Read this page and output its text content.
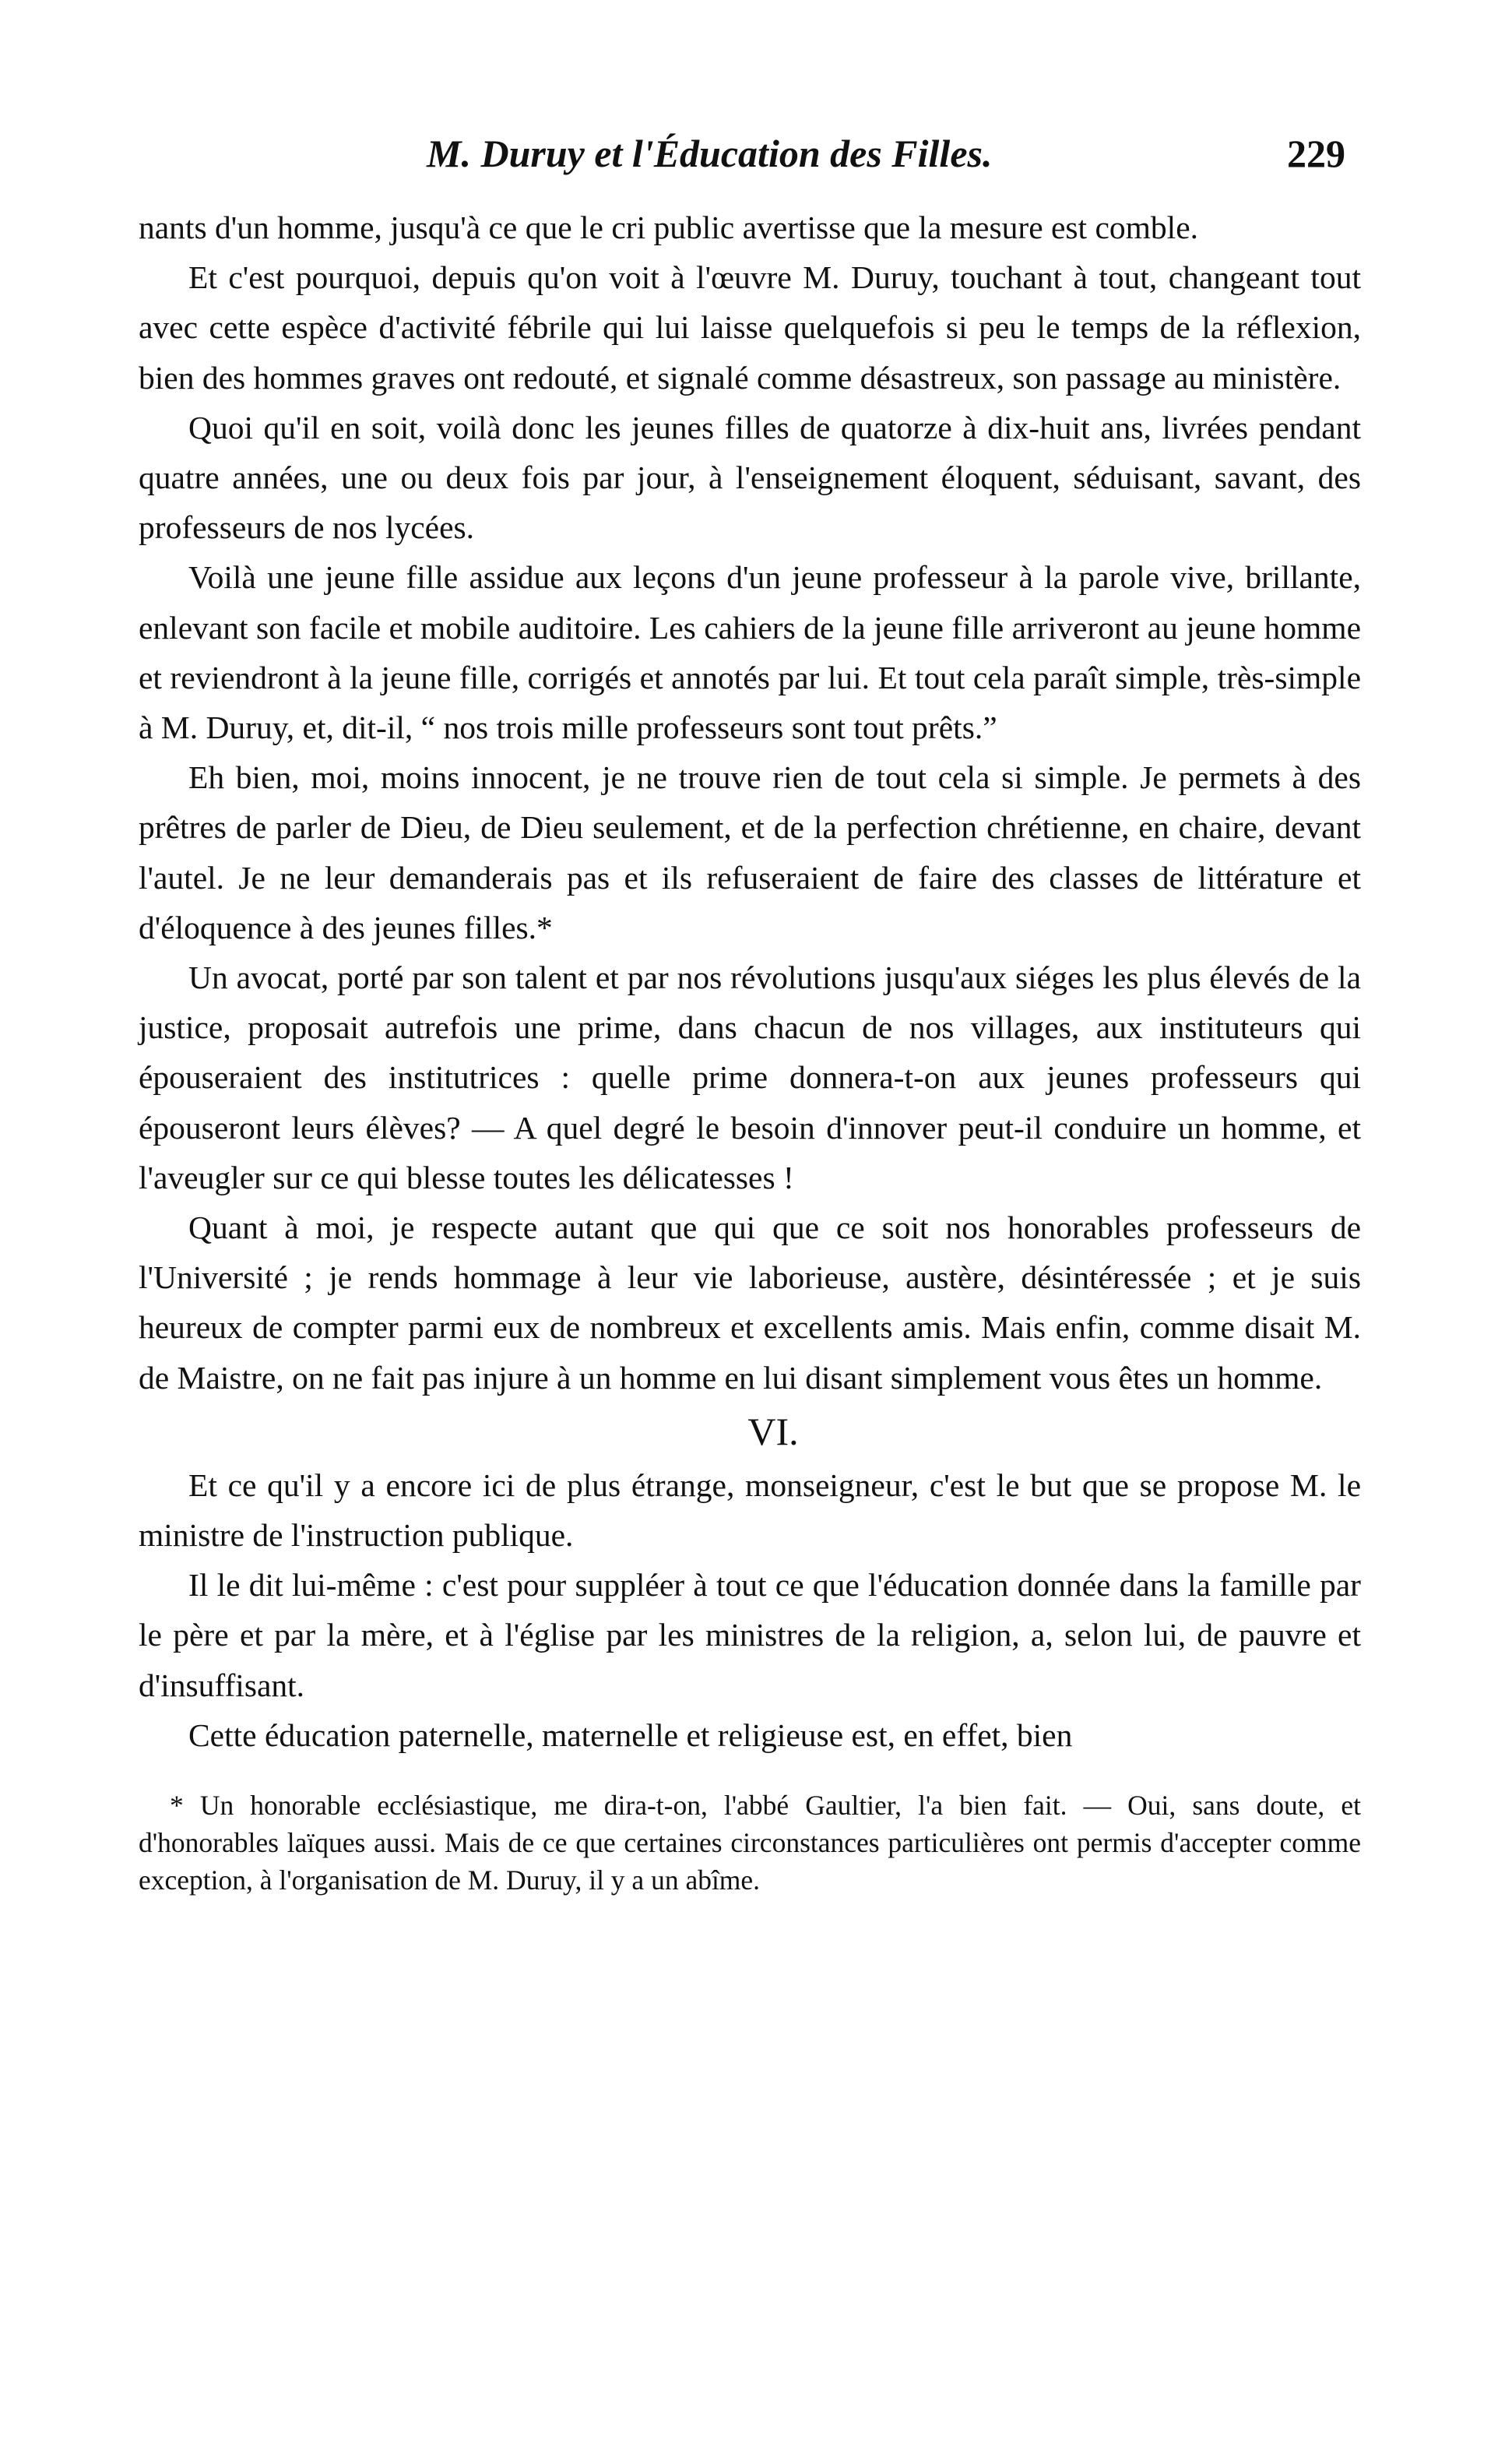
M. Duruy et l'Éducation des Filles.	229

nants d'un homme, jusqu'à ce que le cri public avertisse que la mesure est comble.

Et c'est pourquoi, depuis qu'on voit à l'œuvre M. Duruy, touchant à tout, changeant tout avec cette espèce d'activité fébrile qui lui laisse quelquefois si peu le temps de la réflexion, bien des hommes graves ont redouté, et signalé comme désastreux, son passage au ministère.

Quoi qu'il en soit, voilà donc les jeunes filles de quatorze à dix-huit ans, livrées pendant quatre années, une ou deux fois par jour, à l'enseignement éloquent, séduisant, savant, des professeurs de nos lycées.

Voilà une jeune fille assidue aux leçons d'un jeune professeur à la parole vive, brillante, enlevant son facile et mobile auditoire. Les cahiers de la jeune fille arriveront au jeune homme et reviendront à la jeune fille, corrigés et annotés par lui. Et tout cela paraît simple, très-simple à M. Duruy, et, dit-il, “ nos trois mille professeurs sont tout prêts.”

Eh bien, moi, moins innocent, je ne trouve rien de tout cela si simple. Je permets à des prêtres de parler de Dieu, de Dieu seulement, et de la perfection chrétienne, en chaire, devant l'autel. Je ne leur demanderais pas et ils refuseraient de faire des classes de littérature et d'éloquence à des jeunes filles.*

Un avocat, porté par son talent et par nos révolutions jusqu'aux siéges les plus élevés de la justice, proposait autrefois une prime, dans chacun de nos villages, aux instituteurs qui épouseraient des institutrices : quelle prime donnera-t-on aux jeunes professeurs qui épouseront leurs élèves? — A quel degré le besoin d'innover peut-il conduire un homme, et l'aveugler sur ce qui blesse toutes les délicatesses !

Quant à moi, je respecte autant que qui que ce soit nos honorables professeurs de l'Université ; je rends hommage à leur vie laborieuse, austère, désintéressée ; et je suis heureux de compter parmi eux de nombreux et excellents amis. Mais enfin, comme disait M. de Maistre, on ne fait pas injure à un homme en lui disant simplement vous êtes un homme.

VI.

Et ce qu'il y a encore ici de plus étrange, monseigneur, c'est le but que se propose M. le ministre de l'instruction publique.

Il le dit lui-même : c'est pour suppléer à tout ce que l'éducation donnée dans la famille par le père et par la mère, et à l'église par les ministres de la religion, a, selon lui, de pauvre et d'insuffisant.

Cette éducation paternelle, maternelle et religieuse est, en effet, bien

* Un honorable ecclésiastique, me dira-t-on, l'abbé Gaultier, l'a bien fait. — Oui, sans doute, et d'honorables laïques aussi. Mais de ce que certaines circonstances particulières ont permis d'accepter comme exception, à l'organisation de M. Duruy, il y a un abîme.
